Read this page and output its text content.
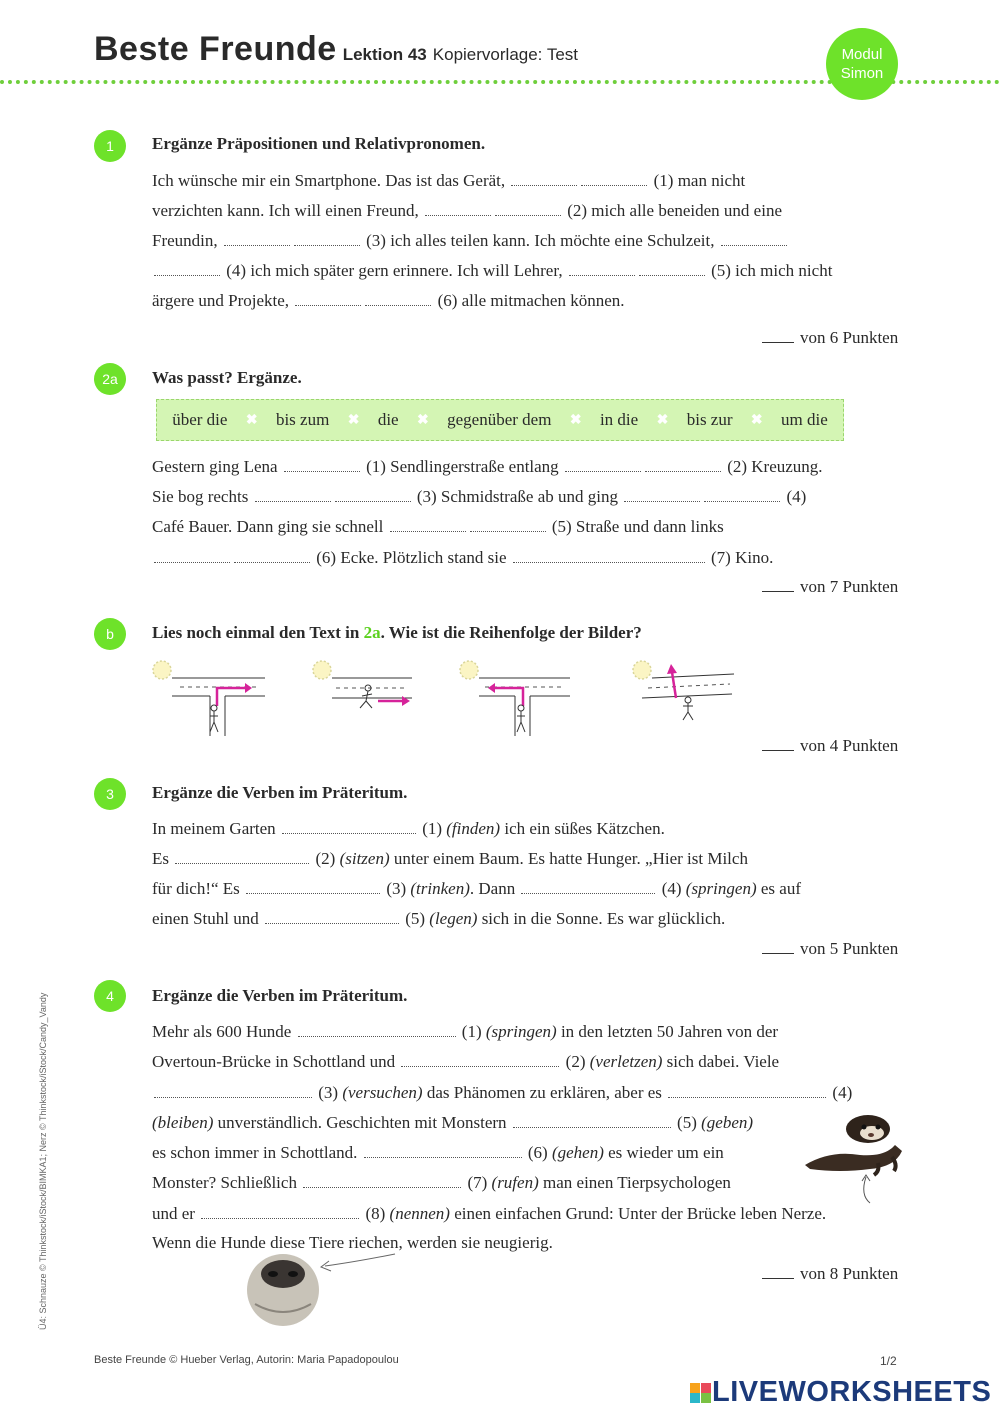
Beste Freunde Lektion 43 Kopiervorlage: Test	Modul
Simon
1	Ergänze Präpositionen und Relativpronomen.
Ich wünsche mir ein Smartphone. Das ist das Gerät,	(1) man nicht
verzichten kann. Ich will einen Freund,	(2) mich alle beneiden und eine
Freundin,	(3) ich alles teilen kann. Ich möchte eine Schulzeit,
(4) ich mich später gern erinnere. Ich will Lehrer,	(5) ich mich nicht
ärgere und Projekte,	(6) alle mitmachen können.
von 6 Punkten
2a	Was passt? Ergänze.
über die ✖ bis zum ✖ die ✖ gegenüber dem ✖ in die ✖ bis zur ✖ um die
Gestern ging Lena	(1) Sendlingerstraße entlang	(2) Kreuzung.
Sie bog rechts	(3) Schmidstraße ab und ging	(4)
Café Bauer. Dann ging sie schnell	(5) Straße und dann links
(6) Ecke. Plötzlich stand sie	(7) Kino.
von 7 Punkten
b	Lies noch einmal den Text in 2a. Wie ist die Reihenfolge der Bilder?
von 4 Punkten
3	Ergänze die Verben im Präteritum.
In meinem Garten	(1) (finden) ich ein süßes Kätzchen.
Es	(2) (sitzen) unter einem Baum. Es hatte Hunger. „Hier ist Milch
für dich!“ Es	(3) (trinken). Dann	(4) (springen) es auf
einen Stuhl und	(5) (legen) sich in die Sonne. Es war glücklich.
von 5 Punkten
4	Ergänze die Verben im Präteritum.
Mehr als 600 Hunde	(1) (springen) in den letzten 50 Jahren von der
Overtoun-Brücke in Schottland und	(2) (verletzen) sich dabei. Viele
(3) (versuchen) das Phänomen zu erklären, aber es	(4)
(bleiben) unverständlich. Geschichten mit Monstern	(5) (geben)
es schon immer in Schottland.	(6) (gehen) es wieder um ein
Monster? Schließlich	(7) (rufen) man einen Tierpsychologen
und er	(8) (nennen) einen einfachen Grund: Unter der Brücke leben Nerze.
Wenn die Hunde diese Tiere riechen, werden sie neugierig.
von 8 Punkten
Ü4: Schnauze © Thinkstock/iStock/BIMKA1; Nerz © Thinkstock/iStock/Candy_Vandy
Beste Freunde © Hueber Verlag, Autorin: Maria Papadopoulou	1/2

LIVEWORKSHEETS
